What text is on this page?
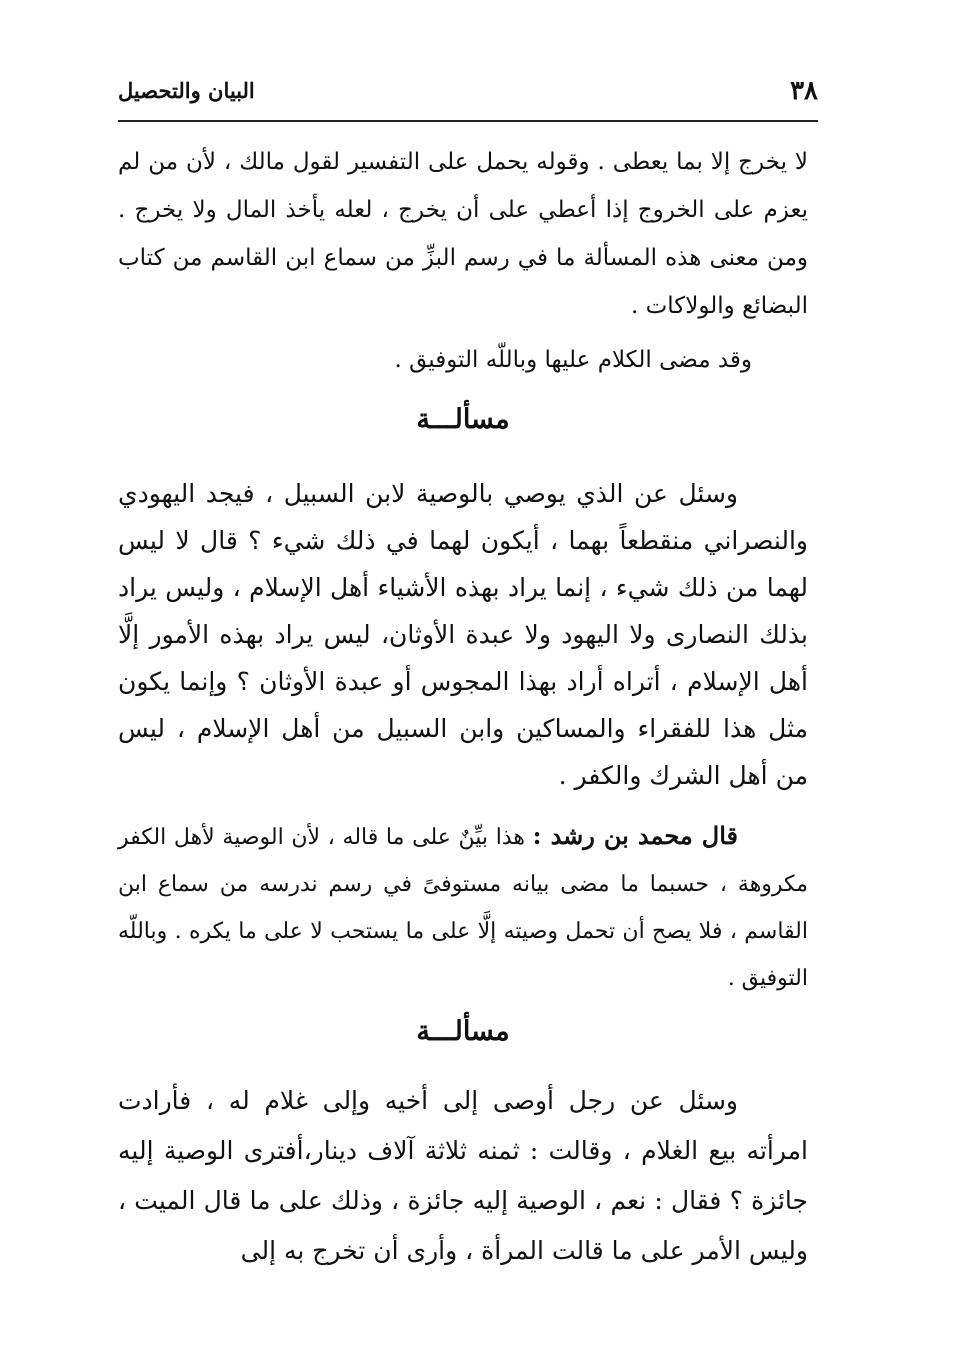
٣٨
البيان والتحصيل

لا يخرج إلا بما يعطى . وقوله يحمل على التفسير لقول مالك ، لأن من لم يعزم على الخروج إذا أعطي على أن يخرج ، لعله يأخذ المال ولا يخرج . ومن معنى هذه المسألة ما في رسم البزِّ من سماع ابن القاسم من كتاب البضائع والولاكات .

وقد مضى الكلام عليها وباللّه التوفيق .

مسألـــة

وسئل عن الذي يوصي بالوصية لابن السبيل ، فيجد اليهودي والنصراني منقطعاً بهما ، أيكون لهما في ذلك شيء ؟ قال لا ليس لهما من ذلك شيء ، إنما يراد بهذه الأشياء أهل الإسلام ، وليس يراد بذلك النصارى ولا اليهود ولا عبدة الأوثان، ليس يراد بهذه الأمور إلَّا أهل الإسلام ، أتراه أراد بهذا المجوس أو عبدة الأوثان ؟ وإنما يكون مثل هذا للفقراء والمساكين وابن السبيل من أهل الإسلام ، ليس من أهل الشرك والكفر .

قال محمد بن رشد : هذا بيِّنٌ على ما قاله ، لأن الوصية لأهل الكفر مكروهة ، حسبما ما مضى بيانه مستوفىً في رسم ندرسه من سماع ابن القاسم ، فلا يصح أن تحمل وصيته إلَّا على ما يستحب لا على ما يكره . وباللّه التوفيق .

مسألـــة

وسئل عن رجل أوصى إلى أخيه وإلى غلام له ، فأرادت امرأته بيع الغلام ، وقالت : ثمنه ثلاثة آلاف دينار،أفترى الوصية إليه جائزة ؟ فقال : نعم ، الوصية إليه جائزة ، وذلك على ما قال الميت ، وليس الأمر على ما قالت المرأة ، وأرى أن تخرج به إلى
